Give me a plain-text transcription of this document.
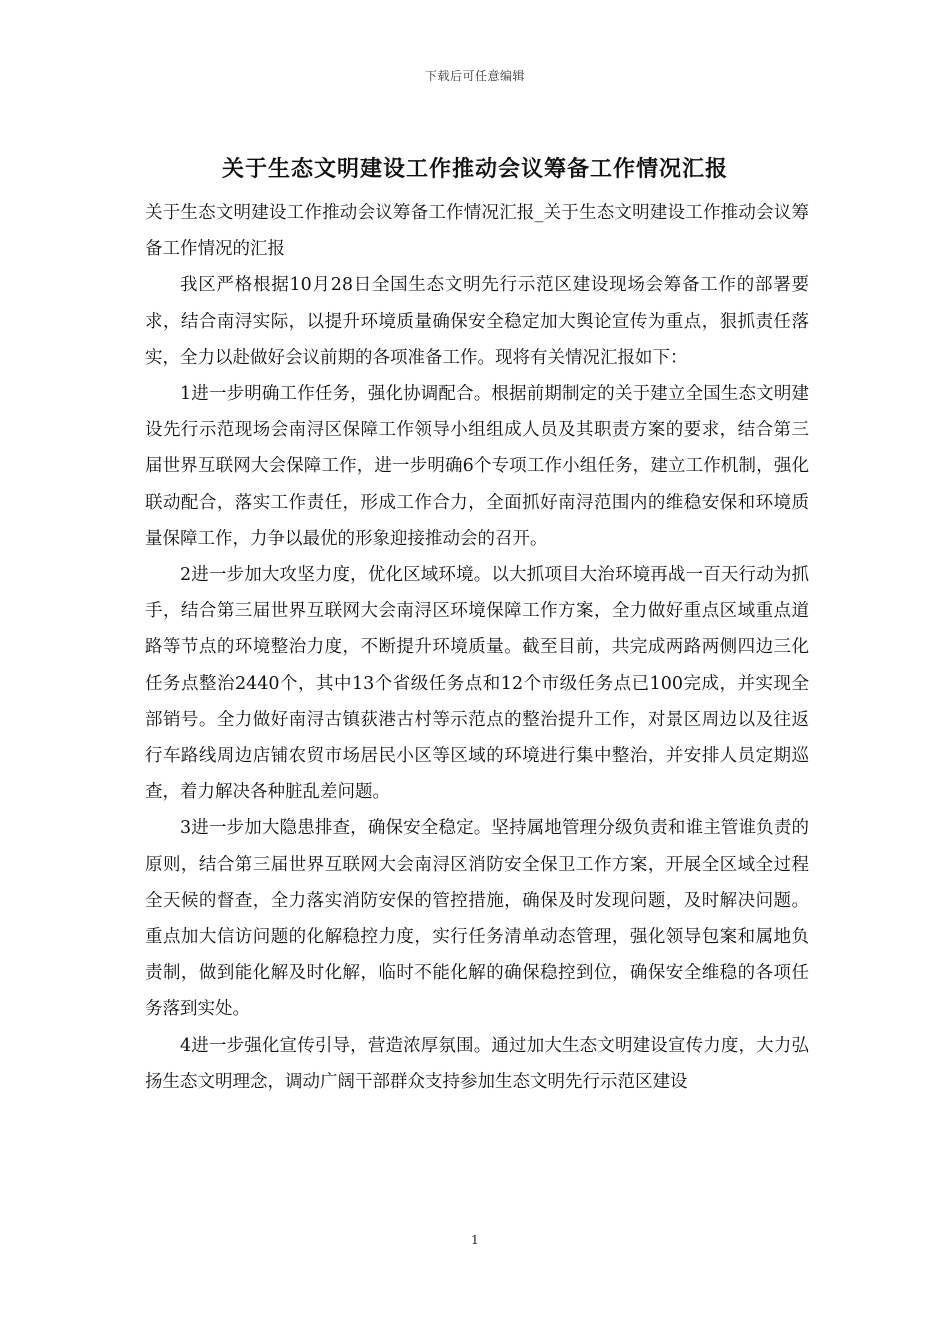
下载后可任意编辑
关于生态文明建设工作推动会议筹备工作情况汇报

关于生态文明建设工作推动会议筹备工作情况汇报_关于生态文明建设工作推动会议筹备工作情况的汇报

我区严格根据10月28日全国生态文明先行示范区建设现场会筹备工作的部署要求，结合南浔实际，以提升环境质量确保安全稳定加大舆论宣传为重点，狠抓责任落实，全力以赴做好会议前期的各项准备工作。现将有关情况汇报如下：

1进一步明确工作任务，强化协调配合。根据前期制定的关于建立全国生态文明建设先行示范现场会南浔区保障工作领导小组组成人员及其职责方案的要求，结合第三届世界互联网大会保障工作，进一步明确6个专项工作小组任务，建立工作机制，强化联动配合，落实工作责任，形成工作合力，全面抓好南浔范围内的维稳安保和环境质量保障工作，力争以最优的形象迎接推动会的召开。

2进一步加大攻坚力度，优化区域环境。以大抓项目大治环境再战一百天行动为抓手，结合第三届世界互联网大会南浔区环境保障工作方案，全力做好重点区域重点道路等节点的环境整治力度，不断提升环境质量。截至目前，共完成两路两侧四边三化任务点整治2440个，其中13个省级任务点和12个市级任务点已100完成，并实现全部销号。全力做好南浔古镇荻港古村等示范点的整治提升工作，对景区周边以及往返行车路线周边店铺农贸市场居民小区等区域的环境进行集中整治，并安排人员定期巡查，着力解决各种脏乱差问题。

3进一步加大隐患排查，确保安全稳定。坚持属地管理分级负责和谁主管谁负责的原则，结合第三届世界互联网大会南浔区消防安全保卫工作方案，开展全区域全过程全天候的督查，全力落实消防安保的管控措施，确保及时发现问题，及时解决问题。重点加大信访问题的化解稳控力度，实行任务清单动态管理，强化领导包案和属地负责制，做到能化解及时化解，临时不能化解的确保稳控到位，确保安全维稳的各项任务落到实处。

4进一步强化宣传引导，营造浓厚氛围。通过加大生态文明建设宣传力度，大力弘扬生态文明理念，调动广阔干部群众支持参加生态文明先行示范区建设

1
